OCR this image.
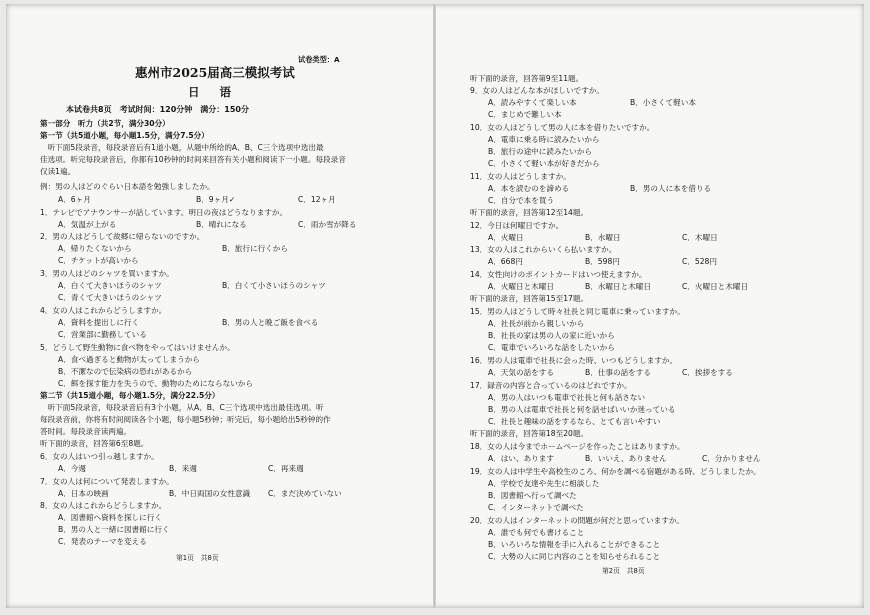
试卷类型：A
惠州市2025届高三模拟考试
日 语
本试卷共8页　考试时间：120分钟　满分：150分
第一部分　听力（共2节，满分30分）
第一节（共5道小题，每小题1.5分，满分7.5分）
　听下面5段录音，每段录音后有1道小题，从题中所给的A、B、C三个选项中选出最
佳选项。听完每段录音后，你都有10秒钟的时间来回答有关小题和阅读下一小题。每段录音
仅读1遍。
例：男の人はどのぐらい日本語を勉強しましたか。
A．6ヶ月	B．9ヶ月✓	C．12ヶ月
1．テレビでアナウンサーが話しています。明日の夜はどうなりますか。
A．気温が上がる	B．晴れになる	C．雨か雪が降る
2．男の人はどうして故郷に帰らないのですか。
A．帰りたくないから	B．旅行に行くから
C．チケットが高いから
3．男の人はどのシャツを買いますか。
A．白くて大きいほうのシャツ	B．白くて小さいほうのシャツ
C．青くて大きいほうのシャツ
4．女の人はこれからどうしますか。
A．資料を提出しに行く	B．男の人と晩ご飯を食べる
C．営業部に勤務している
5．どうして野生動物に食べ物をやってはいけませんか。
A．食べ過ぎると動物が太ってしまうから
B．不潔なので伝染病の恐れがあるから
C．餌を探す能力を失うので、動物のためにならないから
第二节（共15道小题，每小题1.5分，满分22.5分）
　听下面5段录音，每段录音后有3个小题，从A、B、C三个选项中选出最佳选项。听
每段录音前，你将有时间阅读各个小题，每小题5秒钟；听完后，每小题给出5秒钟的作
答时间。每段录音读两遍。
听下面的录音，回答第6至8题。
6．女の人はいつ引っ越しますか。
A．今週	B．来週	C．再来週
7．女の人は何について発表しますか。
A．日本の映画	B．中日両国の女性意識 C．まだ決めていない
8．女の人はこれからどうしますか。
A．図書館へ資料を探しに行く
B．男の人と一緒に図書館に行く
C．発表のテーマを変える
第1页　共8页
听下面的录音，回答第9至11题。
9．女の人はどんな本がほしいですか。
A．読みやすくて楽しい本	B．小さくて軽い本
C．まじめで難しい本
10．女の人はどうして男の人に本を借りたいですか。
A．電車に乗る時に読みたいから
B．旅行の途中に読みたいから
C．小さくて軽い本が好きだから
11．女の人はどうしますか。
A．本を読むのを諦める	B．男の人に本を借りる
C．自分で本を買う
听下面的录音，回答第12至14题。
12．今日は何曜日ですか。
A．火曜日	B．水曜日	C．木曜日
13．女の人はこれからいくら払いますか。
A．668円	B．598円	C．528円
14．女性向けのポイントカードはいつ使えますか。
A．火曜日と木曜日	B．水曜日と木曜日	C．火曜日と木曜日
听下面的录音，回答第15至17题。
15．男の人はどうして時々社長と同じ電車に乗っていますか。
A．社長が前から親しいから
B．社長の家は男の人の家に近いから
C．電車でいろいろな話をしたいから
16．男の人は電車で社長に会った時、いつもどうしますか。
A．天気の話をする	B．仕事の話をする	C．挨拶をする
17．録音の内容と合っているのはどれですか。
A．男の人はいつも電車で社長と何も話さない
B．男の人は電車で社長と何を話せばいいか迷っている
C．社長と趣味の話をするなら、とても言いやすい
听下面的录音，回答第18至20题。
18．女の人は今までホームページを作ったことはありますか。
A．はい、あります	B．いいえ、ありません	C．分かりません
19．女の人は中学生や高校生のころ、何かを調べる宿題がある時、どうしましたか。
A．学校で友達や先生に相談した
B．図書館へ行って調べた
C．インターネットで調べた
20．女の人はインターネットの問題が何だと思っていますか。
A．誰でも何でも書けること
B．いろいろな情報を手に入れることができること
C．大勢の人に同じ内容のことを知らせられること
第2页　共8页
